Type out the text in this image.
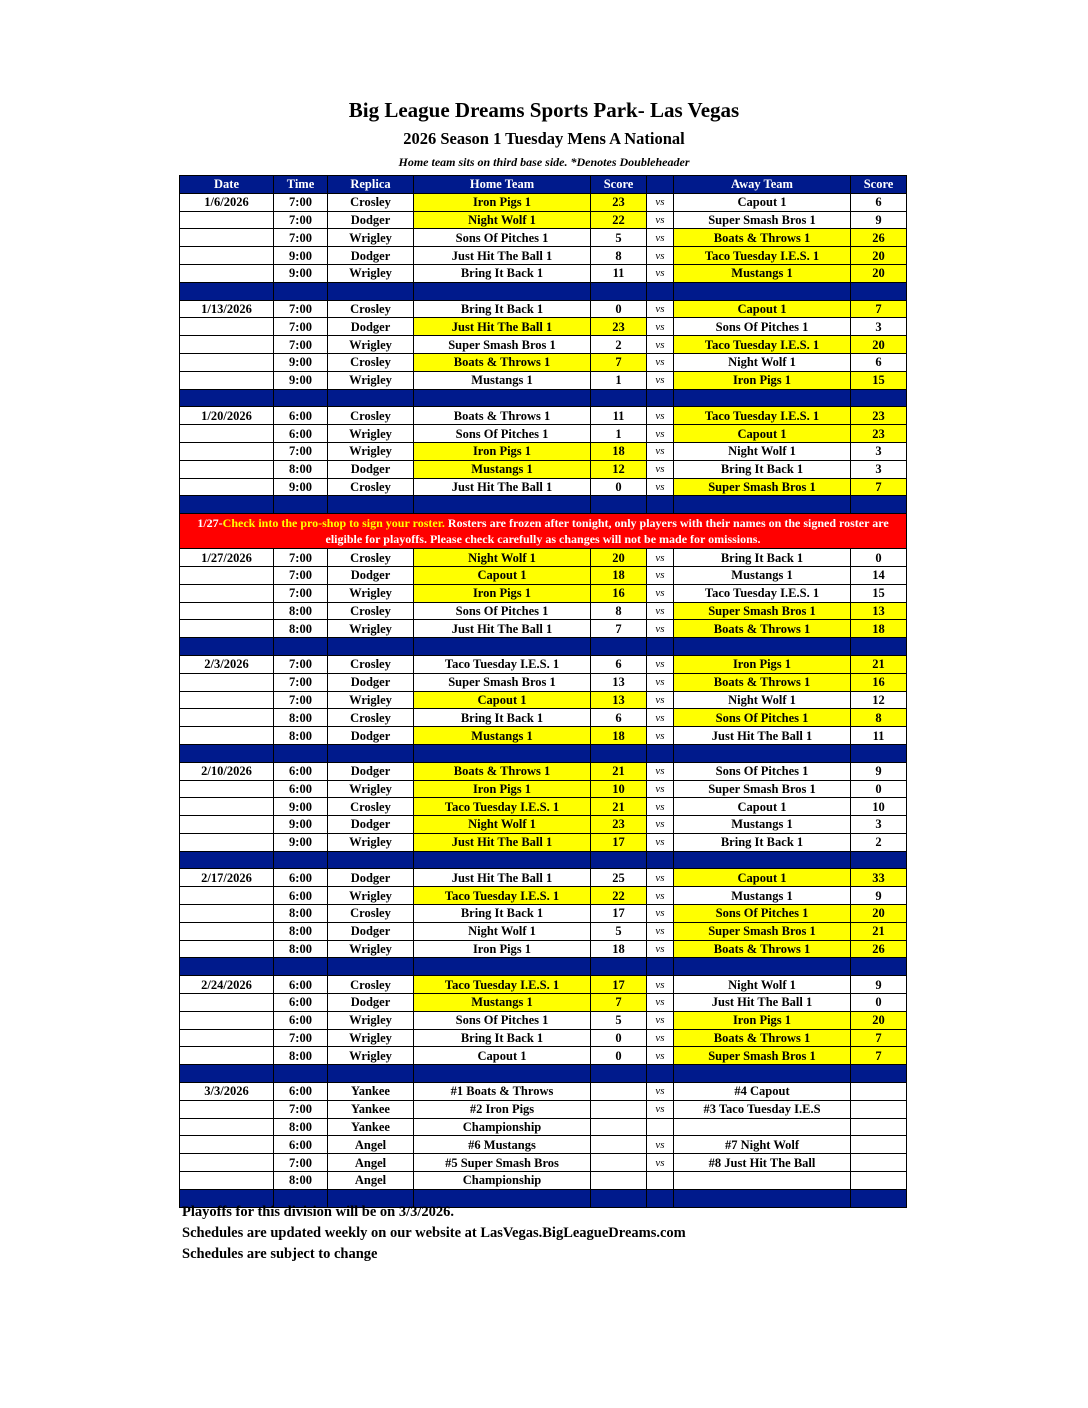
Big League Dreams Sports Park- Las Vegas
2026 Season 1 Tuesday Mens A National
Home team sits on third base side. *Denotes Doubleheader
Date	Time	Replica	Home Team	Score		Away Team	Score
1/6/2026	7:00	Crosley	Iron Pigs 1	23	vs	Capout 1	6
	7:00	Dodger	Night Wolf 1	22	vs	Super Smash Bros 1	9
	7:00	Wrigley	Sons Of Pitches 1	5	vs	Boats & Throws 1	26
	9:00	Dodger	Just Hit The Ball 1	8	vs	Taco Tuesday I.E.S. 1	20
	9:00	Wrigley	Bring It Back 1	11	vs	Mustangs 1	20

1/13/2026	7:00	Crosley	Bring It Back 1	0	vs	Capout 1	7
	7:00	Dodger	Just Hit The Ball 1	23	vs	Sons Of Pitches 1	3
	7:00	Wrigley	Super Smash Bros 1	2	vs	Taco Tuesday I.E.S. 1	20
	9:00	Crosley	Boats & Throws 1	7	vs	Night Wolf 1	6
	9:00	Wrigley	Mustangs 1	1	vs	Iron Pigs 1	15

1/20/2026	6:00	Crosley	Boats & Throws 1	11	vs	Taco Tuesday I.E.S. 1	23
	6:00	Wrigley	Sons Of Pitches 1	1	vs	Capout 1	23
	7:00	Wrigley	Iron Pigs 1	18	vs	Night Wolf 1	3
	8:00	Dodger	Mustangs 1	12	vs	Bring It Back 1	3
	9:00	Crosley	Just Hit The Ball 1	0	vs	Super Smash Bros 1	7

1/27-Check into the pro-shop to sign your roster. Rosters are frozen after tonight, only players with their names on the signed roster are eligible for playoffs. Please check carefully as changes will not be made for omissions.							
1/27/2026	7:00	Crosley	Night Wolf 1	20	vs	Bring It Back 1	0
	7:00	Dodger	Capout 1	18	vs	Mustangs 1	14
	7:00	Wrigley	Iron Pigs 1	16	vs	Taco Tuesday I.E.S. 1	15
	8:00	Crosley	Sons Of Pitches 1	8	vs	Super Smash Bros 1	13
	8:00	Wrigley	Just Hit The Ball 1	7	vs	Boats & Throws 1	18

2/3/2026	7:00	Crosley	Taco Tuesday I.E.S. 1	6	vs	Iron Pigs 1	21
	7:00	Dodger	Super Smash Bros 1	13	vs	Boats & Throws 1	16
	7:00	Wrigley	Capout 1	13	vs	Night Wolf 1	12
	8:00	Crosley	Bring It Back 1	6	vs	Sons Of Pitches 1	8
	8:00	Dodger	Mustangs 1	18	vs	Just Hit The Ball 1	11

2/10/2026	6:00	Dodger	Boats & Throws 1	21	vs	Sons Of Pitches 1	9
	6:00	Wrigley	Iron Pigs 1	10	vs	Super Smash Bros 1	0
	9:00	Crosley	Taco Tuesday I.E.S. 1	21	vs	Capout 1	10
	9:00	Dodger	Night Wolf 1	23	vs	Mustangs 1	3
	9:00	Wrigley	Just Hit The Ball 1	17	vs	Bring It Back 1	2

2/17/2026	6:00	Dodger	Just Hit The Ball 1	25	vs	Capout 1	33
	6:00	Wrigley	Taco Tuesday I.E.S. 1	22	vs	Mustangs 1	9
	8:00	Crosley	Bring It Back 1	17	vs	Sons Of Pitches 1	20
	8:00	Dodger	Night Wolf 1	5	vs	Super Smash Bros 1	21
	8:00	Wrigley	Iron Pigs 1	18	vs	Boats & Throws 1	26

2/24/2026	6:00	Crosley	Taco Tuesday I.E.S. 1	17	vs	Night Wolf 1	9
	6:00	Dodger	Mustangs 1	7	vs	Just Hit The Ball 1	0
	6:00	Wrigley	Sons Of Pitches 1	5	vs	Iron Pigs 1	20
	7:00	Wrigley	Bring It Back 1	0	vs	Boats & Throws 1	7
	8:00	Wrigley	Capout 1	0	vs	Super Smash Bros 1	7

3/3/2026	6:00	Yankee	#1 Boats & Throws		vs	#4 Capout	
	7:00	Yankee	#2 Iron Pigs		vs	#3 Taco Tuesday I.E.S	
	8:00	Yankee	Championship				
	6:00	Angel	#6 Mustangs		vs	#7 Night Wolf	
	7:00	Angel	#5 Super Smash Bros		vs	#8 Just Hit The Ball	
	8:00	Angel	Championship				

Playoffs for this division will be on 3/3/2026.
Schedules are updated weekly on our website at LasVegas.BigLeagueDreams.com
Schedules are subject to change
